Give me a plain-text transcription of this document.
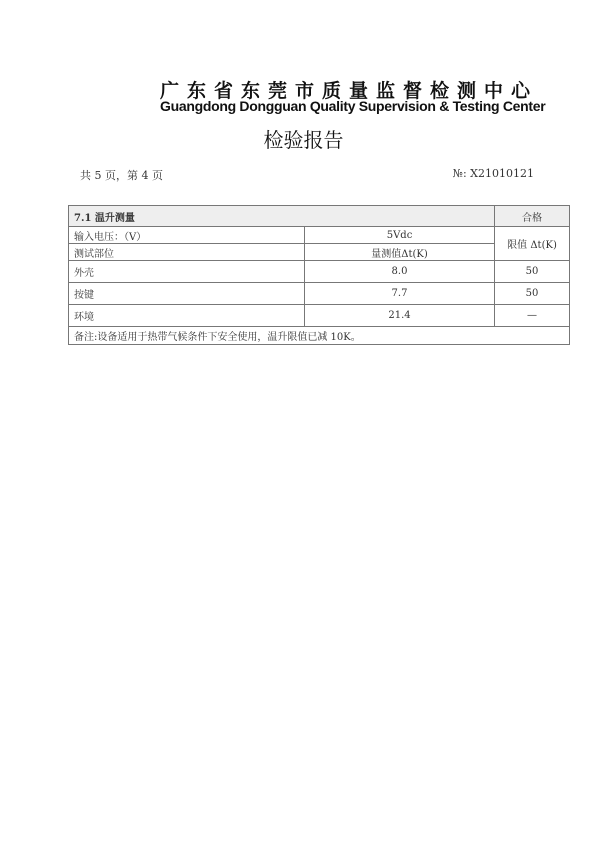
广东省东莞市质量监督检测中心
Guangdong Dongguan Quality Supervision & Testing Center
检验报告
共 5 页，第 4 页	№: X21010121
7.1 温升测量		合格
输入电压：（V）	5Vdc	限值 Δt(K)
测试部位	量测值Δt(K)	
外壳	8.0	50
按键	7.7	50
环境	21.4	—
备注:设备适用于热带气候条件下安全使用，温升限值已减 10K。		
